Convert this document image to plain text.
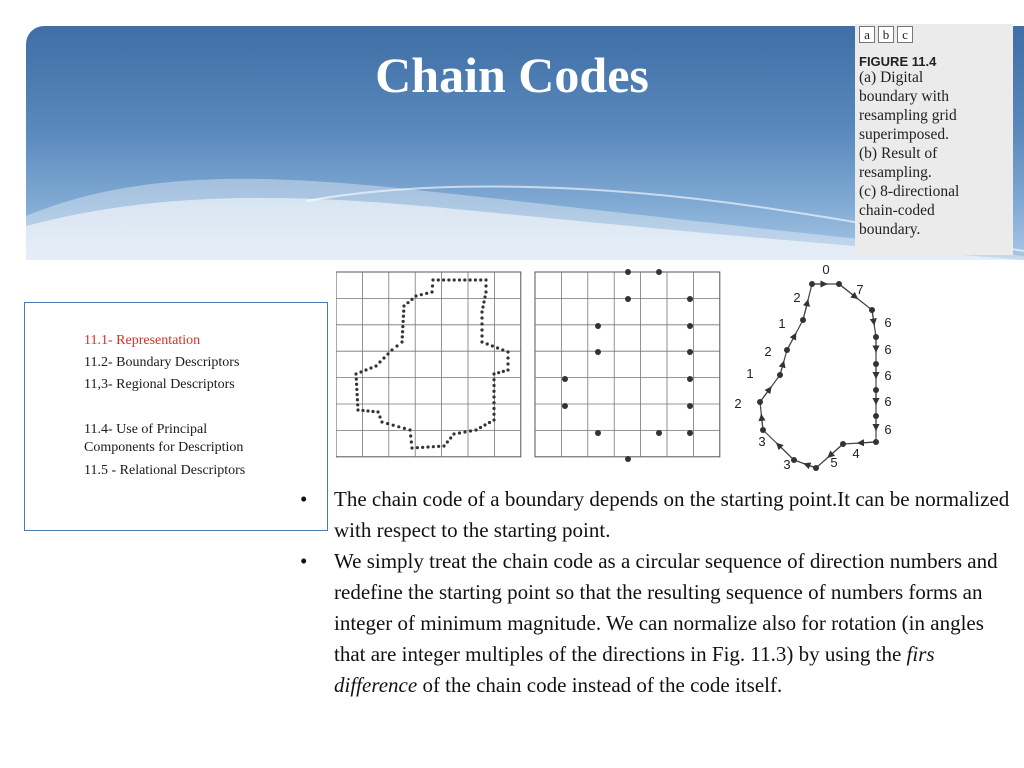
Chain Codes
a b c
FIGURE 11.4
(a) Digital
boundary with
resampling grid
superimposed.
(b) Result of
resampling.
(c) 8-directional
chain-coded
boundary.
11.1- Representation
11.2- Boundary Descriptors
11,3- Regional Descriptors
11.4- Use of Principal
Components for Description
11.5 - Relational Descriptors
0
7
6
6
6
6
6
4
5
3
3
2
1
2
1
2
• The chain code of a boundary depends on the starting point.It can be normalized with respect to the starting point.
• We simply treat the chain code as a circular sequence of direction numbers and redefine the starting point so that the resulting sequence of numbers forms an integer of minimum magnitude. We can normalize also for rotation (in angles that are integer multiples of the directions in Fig. 11.3) by using the firs difference of the chain code instead of the code itself.
